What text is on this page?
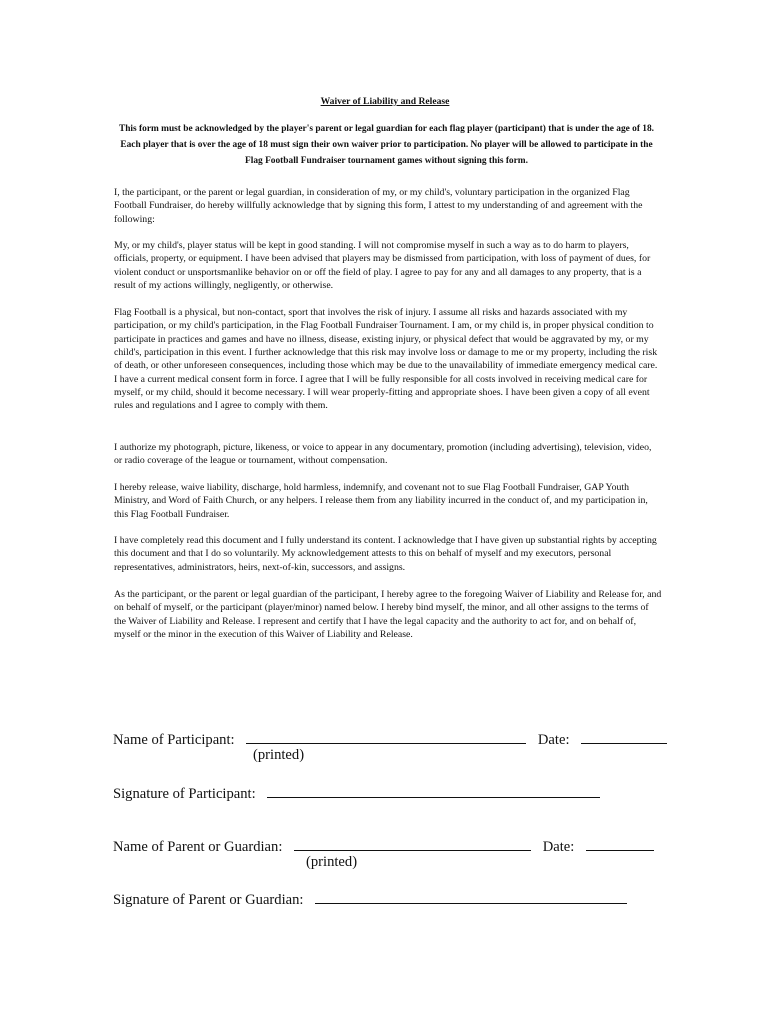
Waiver of Liability and Release
This form must be acknowledged by the player's parent or legal guardian for each flag player (participant) that is under the age of 18. Each player that is over the age of 18 must sign their own waiver prior to participation. No player will be allowed to participate in the Flag Football Fundraiser tournament games without signing this form.

I, the participant, or the parent or legal guardian, in consideration of my, or my child's, voluntary participation in the organized Flag Football Fundraiser, do hereby willfully acknowledge that by signing this form, I attest to my understanding of and agreement with the following:

My, or my child's, player status will be kept in good standing. I will not compromise myself in such a way as to do harm to players, officials, property, or equipment. I have been advised that players may be dismissed from participation, with loss of payment of dues, for violent conduct or unsportsmanlike behavior on or off the field of play. I agree to pay for any and all damages to any property, that is a result of my actions willingly, negligently, or otherwise.

Flag Football is a physical, but non-contact, sport that involves the risk of injury. I assume all risks and hazards associated with my participation, or my child's participation, in the Flag Football Fundraiser Tournament. I am, or my child is, in proper physical condition to participate in practices and games and have no illness, disease, existing injury, or physical defect that would be aggravated by my, or my child's, participation in this event. I further acknowledge that this risk may involve loss or damage to me or my property, including the risk of death, or other unforeseen consequences, including those which may be due to the unavailability of immediate emergency medical care. I have a current medical consent form in force. I agree that I will be fully responsible for all costs involved in receiving medical care for myself, or my child, should it become necessary. I will wear properly-fitting and appropriate shoes. I have been given a copy of all event rules and regulations and I agree to comply with them.

I authorize my photograph, picture, likeness, or voice to appear in any documentary, promotion (including advertising), television, video, or radio coverage of the league or tournament, without compensation.

I hereby release, waive liability, discharge, hold harmless, indemnify, and covenant not to sue Flag Football Fundraiser, GAP Youth Ministry, and Word of Faith Church, or any helpers. I release them from any liability incurred in the conduct of, and my participation in, this Flag Football Fundraiser.

I have completely read this document and I fully understand its content. I acknowledge that I have given up substantial rights by accepting this document and that I do so voluntarily. My acknowledgement attests to this on behalf of myself and my executors, personal representatives, administrators, heirs, next-of-kin, successors, and assigns.

As the participant, or the parent or legal guardian of the participant, I hereby agree to the foregoing Waiver of Liability and Release for, and on behalf of myself, or the participant (player/minor) named below. I hereby bind myself, the minor, and all other assigns to the terms of the Waiver of Liability and Release. I represent and certify that I have the legal capacity and the authority to act for, and on behalf of, myself or the minor in the execution of this Waiver of Liability and Release.

Name of Participant:	Date:
(printed)
Signature of Participant:
Name of Parent or Guardian:	Date:
(printed)
Signature of Parent or Guardian:
